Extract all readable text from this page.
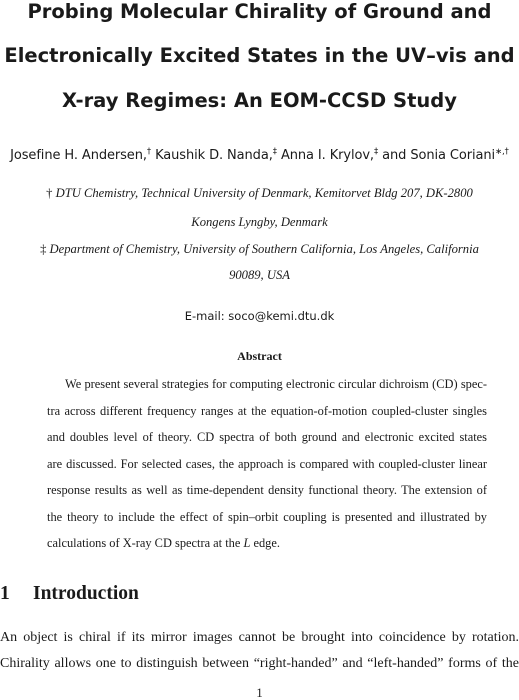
Probing Molecular Chirality of Ground and
Electronically Excited States in the UV–vis and
X-ray Regimes: An EOM-CCSD Study
Josefine H. Andersen,† Kaushik D. Nanda,‡ Anna I. Krylov,‡ and Sonia Coriani∗,†
† DTU Chemistry, Technical University of Denmark, Kemitorvet Bldg 207, DK-2800
Kongens Lyngby, Denmark
‡ Department of Chemistry, University of Southern California, Los Angeles, California
90089, USA
E-mail: soco@kemi.dtu.dk
Abstract
We present several strategies for computing electronic circular dichroism (CD) spec-
tra across different frequency ranges at the equation-of-motion coupled-cluster singles
and doubles level of theory. CD spectra of both ground and electronic excited states
are discussed. For selected cases, the approach is compared with coupled-cluster linear
response results as well as time-dependent density functional theory. The extension of
the theory to include the effect of spin–orbit coupling is presented and illustrated by
calculations of X-ray CD spectra at the L edge.
1 Introduction
An object is chiral if its mirror images cannot be brought into coincidence by rotation.
Chirality allows one to distinguish between “right-handed” and “left-handed” forms of the
1
